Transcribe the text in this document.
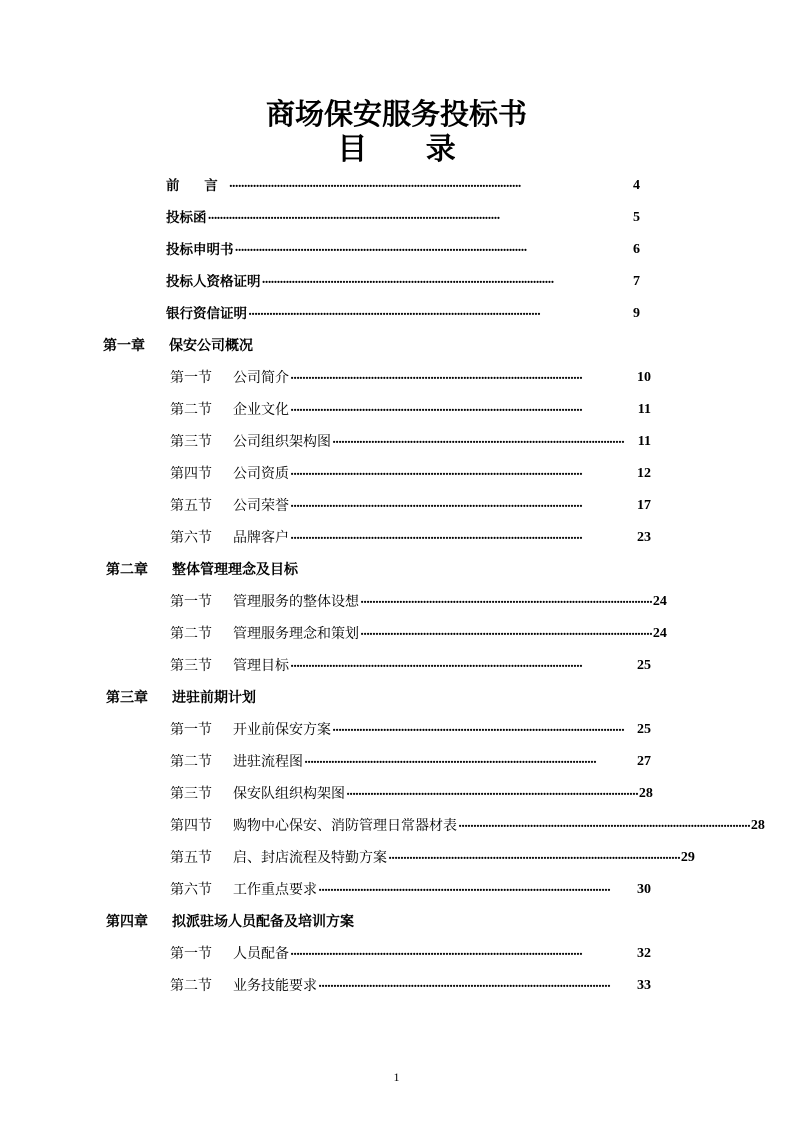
商场保安服务投标书
目 录
前 言 ··································································································	4
投标函 ··································································································	5
投标申明书 ··································································································	6
投标人资格证明 ··································································································	7
银行资信证明 ··································································································	9
第一章 保安公司概况
第一节	公司简介 ··································································································	10
第二节	企业文化 ··································································································	11
第三节	公司组织架构图 ·································································································· 11
第四节	公司资质 ··································································································	12
第五节	公司荣誉 ··································································································	17
第六节	品牌客户 ··································································································	23
第二章 整体管理理念及目标
第一节	管理服务的整体设想 ·································································································· 24
第二节	管理服务理念和策划 ·································································································· 24
第三节	管理目标 ··································································································	25
第三章 进驻前期计划
第一节	开业前保安方案 ·································································································· 25
第二节	进驻流程图 ··································································································	27
第三节	保安队组织构架图 ·································································································· 28
第四节	购物中心保安、消防管理日常器材表 ·································································································· 28
第五节	启、封店流程及特勤方案 ·································································································· 29
第六节	工作重点要求 ··································································································	30
第四章 拟派驻场人员配备及培训方案
第一节	人员配备 ··································································································	32
第二节	业务技能要求 ··································································································	33
1
